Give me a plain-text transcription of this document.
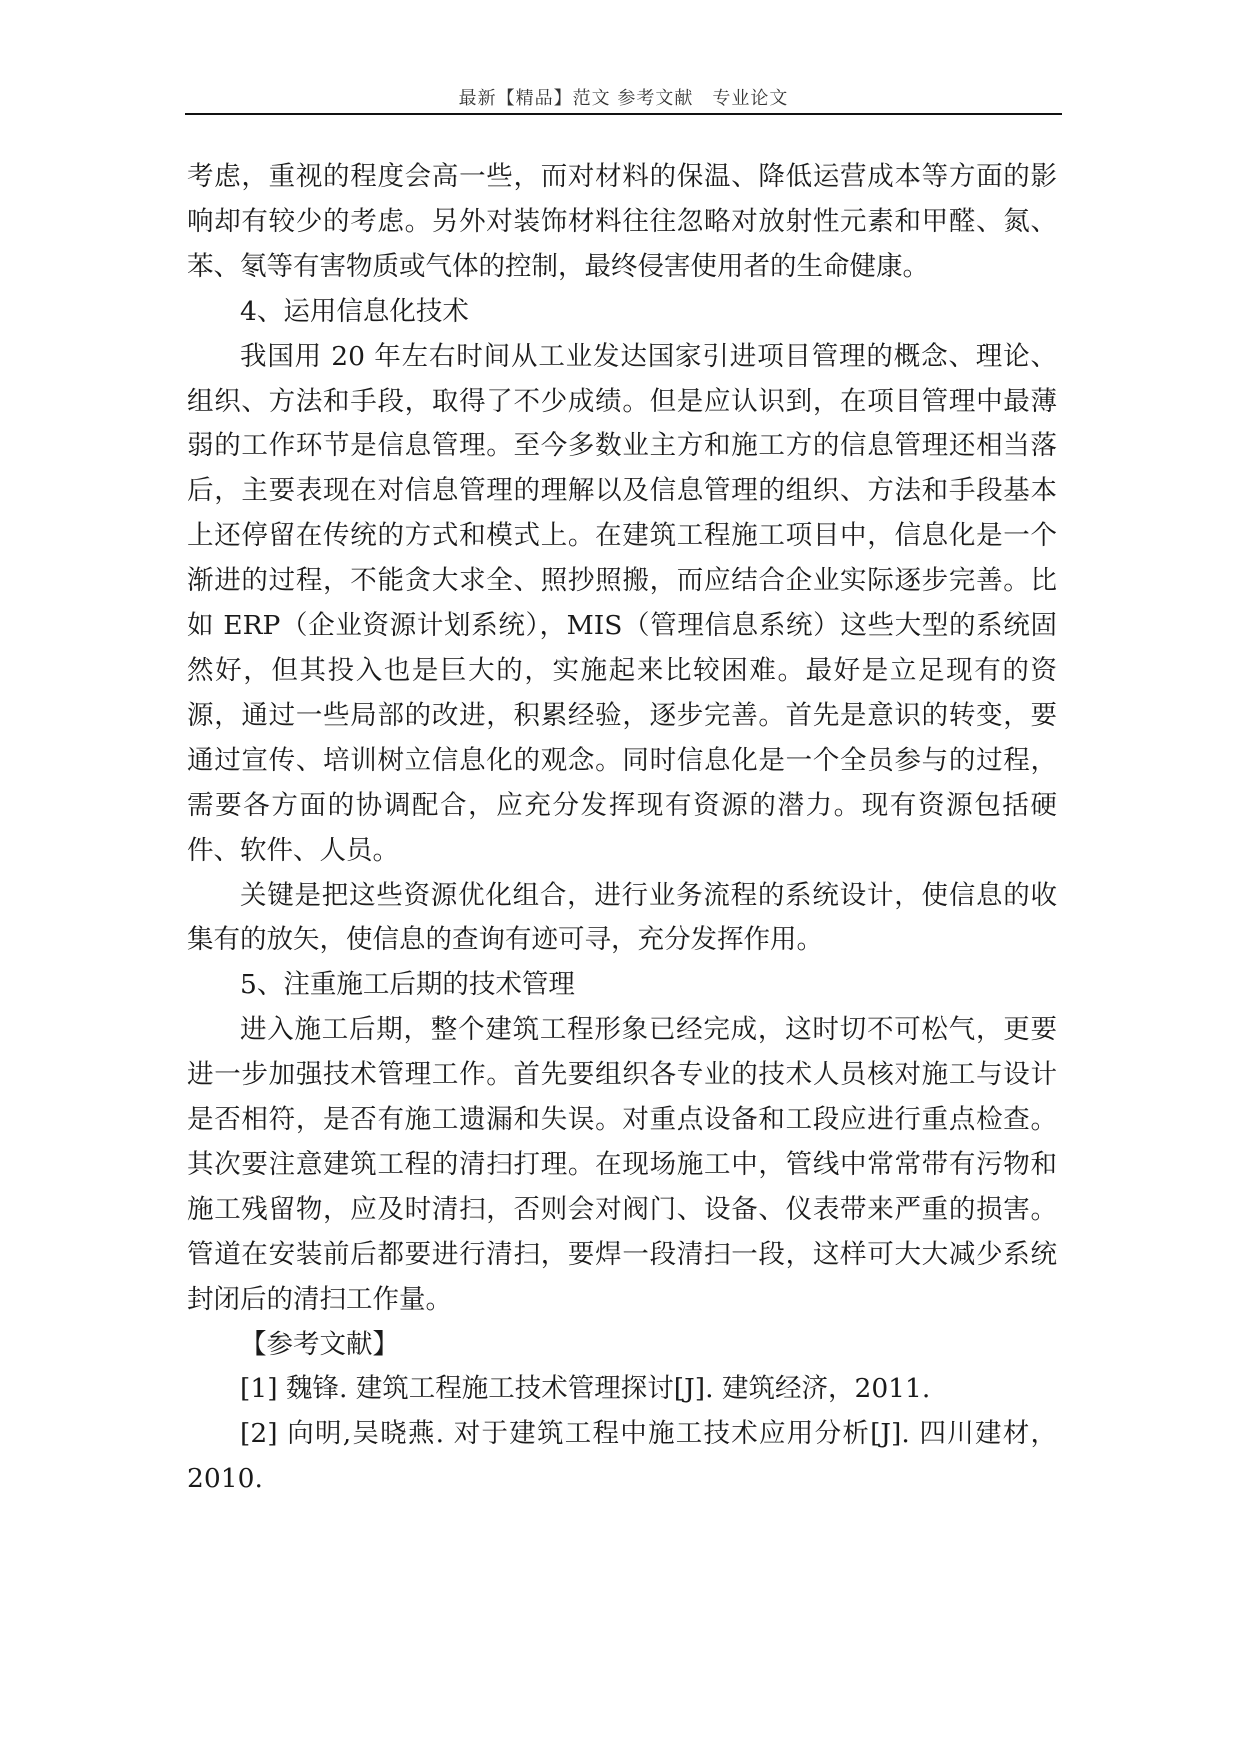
最新【精品】范文 参考文献　专业论文

考虑，重视的程度会高一些，而对材料的保温、降低运营成本等方面的影响却有较少的考虑。另外对装饰材料往往忽略对放射性元素和甲醛、氮、苯、氡等有害物质或气体的控制，最终侵害使用者的生命健康。

4、运用信息化技术

我国用 20 年左右时间从工业发达国家引进项目管理的概念、理论、组织、方法和手段，取得了不少成绩。但是应认识到，在项目管理中最薄弱的工作环节是信息管理。至今多数业主方和施工方的信息管理还相当落后，主要表现在对信息管理的理解以及信息管理的组织、方法和手段基本上还停留在传统的方式和模式上。在建筑工程施工项目中，信息化是一个渐进的过程，不能贪大求全、照抄照搬，而应结合企业实际逐步完善。比如 ERP（企业资源计划系统），MIS（管理信息系统）这些大型的系统固然好，但其投入也是巨大的，实施起来比较困难。最好是立足现有的资源，通过一些局部的改进，积累经验，逐步完善。首先是意识的转变，要通过宣传、培训树立信息化的观念。同时信息化是一个全员参与的过程，需要各方面的协调配合，应充分发挥现有资源的潜力。现有资源包括硬件、软件、人员。

关键是把这些资源优化组合，进行业务流程的系统设计，使信息的收集有的放矢，使信息的查询有迹可寻，充分发挥作用。

5、注重施工后期的技术管理

进入施工后期，整个建筑工程形象已经完成，这时切不可松气，更要进一步加强技术管理工作。首先要组织各专业的技术人员核对施工与设计是否相符，是否有施工遗漏和失误。对重点设备和工段应进行重点检查。其次要注意建筑工程的清扫打理。在现场施工中，管线中常常带有污物和施工残留物，应及时清扫，否则会对阀门、设备、仪表带来严重的损害。管道在安装前后都要进行清扫，要焊一段清扫一段，这样可大大减少系统封闭后的清扫工作量。

【参考文献】

[1] 魏锋. 建筑工程施工技术管理探讨[J]. 建筑经济，2011.

[2] 向明,吴晓燕. 对于建筑工程中施工技术应用分析[J]. 四川建材，2010.
